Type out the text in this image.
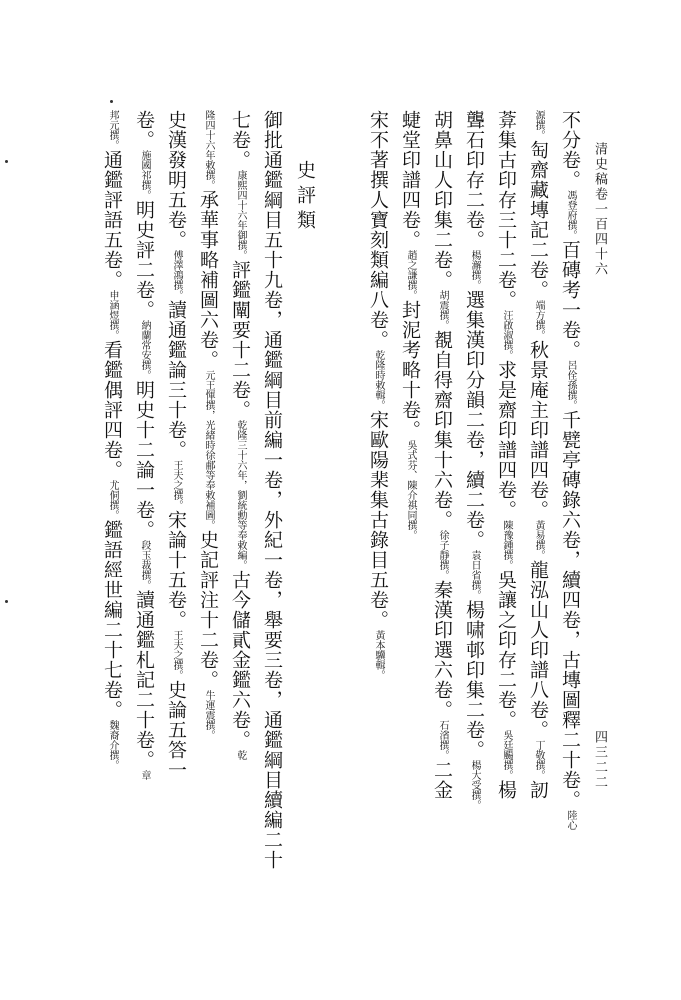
清史稿卷一百四十六
四三二二
不分卷。馮登府撰。百磚考一卷。呂佺孫撰。千甓亭磚錄六卷，續四卷，古塼圖釋二十卷。陸心
源撰。匋齋藏塼記二卷。端方撰。秋景庵主印譜四卷。黃易撰。龍泓山人印譜八卷。丁敬撰。訒
葊集古印存三十二卷。汪啟淑撰。求是齋印譜四卷。陳豫鍾撰。吳讓之印存二卷。吳廷颺撰。楊
聾石印存二卷。楊澥撰。選集漢印分韻二卷，續二卷。袁日省撰。楊啸邨印集二卷。楊大受撰。
胡鼻山人印集二卷。胡震撰。覩自得齋印集十六卷。徐子靜撰。秦漢印選六卷。石渻撰。二金
蜨堂印譜四卷。趙之謙撰。封泥考略十卷。吳式芬、陳介祺同撰。
宋不著撰人寶刻類編八卷。乾隆時敕輯。宋歐陽棐集古錄目五卷。黃本驥輯。
史評類
御批通鑑綱目五十九卷，通鑑綱目前編一卷，外紀一卷，舉要三卷，通鑑綱目續編二十
七卷。康熙四十六年御撰。評鑑闡要十二卷。乾隆三十六年，劉統勳等奉敕編。古今儲貳金鑑六卷。乾
隆四十六年敕撰。承華事略補圖六卷。元王惲撰，光緒時徐郙等奉敕補圖。史記評注十二卷。牛運震撰。
史漢發明五卷。傅澤鴻撰。讀通鑑論三十卷。王夫之撰。宋論十五卷。王夫之撰。史論五答一
卷。施國祁撰。明史評二卷。納蘭常安撰。明史十二論一卷。段玉裁撰。讀通鑑札記二十卷。章
邦元撰。通鑑評語五卷。申涵煜撰。看鑑偶評四卷。尤侗撰。鑑語經世編二十七卷。魏裔介撰。
